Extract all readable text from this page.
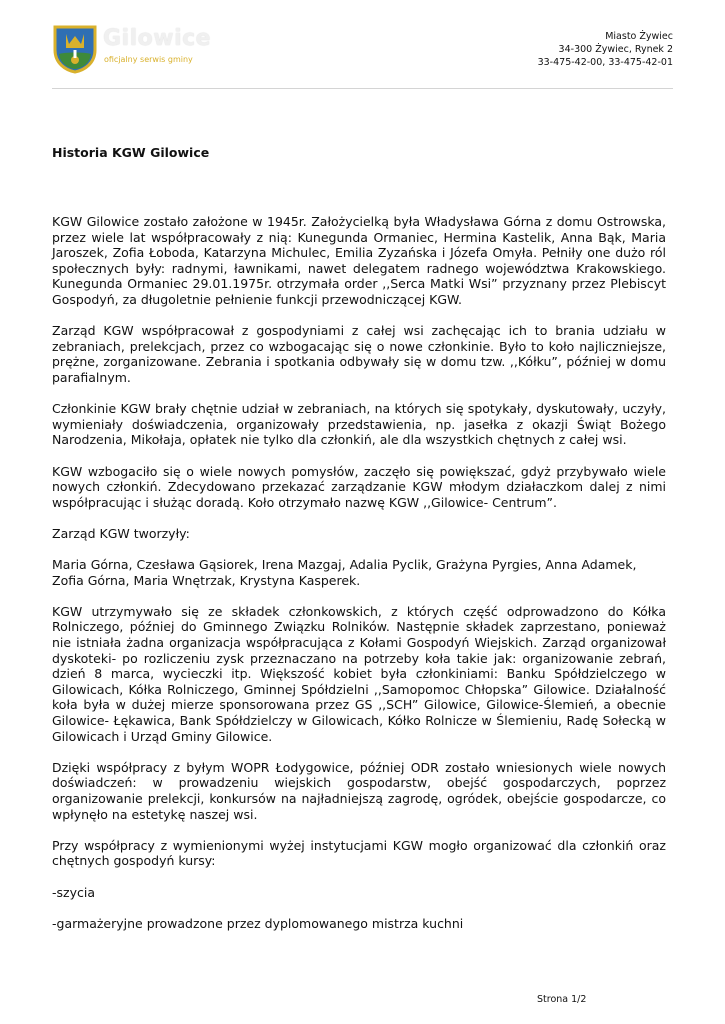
Gilowice
oficjalny serwis gminy
Miasto Żywiec
34-300 Żywiec, Rynek 2
33-475-42-00, 33-475-42-01
Historia KGW Gilowice

KGW Gilowice zostało założone w 1945r. Założycielką była Władysława Górna z domu Ostrowska, przez wiele lat współpracowały z nią: Kunegunda Ormaniec, Hermina Kastelik, Anna Bąk, Maria Jaroszek, Zofia Łoboda, Katarzyna Michulec, Emilia Zyzańska i Józefa Omyła. Pełniły one dużo ról społecznych były: radnymi, ławnikami, nawet delegatem radnego województwa Krakowskiego. Kunegunda Ormaniec 29.01.1975r. otrzymała order ,,Serca Matki Wsi” przyznany przez Plebiscyt Gospodyń, za długoletnie pełnienie funkcji przewodniczącej KGW.

Zarząd KGW współpracował z gospodyniami z całej wsi zachęcając ich to brania udziału w zebraniach, prelekcjach, przez co wzbogacając się o nowe członkinie. Było to koło najliczniejsze, prężne, zorganizowane. Zebrania i spotkania odbywały się w domu tzw. ,,Kółku”, później w domu parafialnym.

Członkinie KGW brały chętnie udział w zebraniach, na których się spotykały, dyskutowały, uczyły, wymieniały doświadczenia, organizowały przedstawienia, np. jasełka z okazji Świąt Bożego Narodzenia, Mikołaja, opłatek nie tylko dla członkiń, ale dla wszystkich chętnych z całej wsi.

KGW wzbogaciło się o wiele nowych pomysłów, zaczęło się powiększać, gdyż przybywało wiele nowych członkiń. Zdecydowano przekazać zarządzanie KGW młodym działaczkom dalej z nimi współpracując i służąc doradą. Koło otrzymało nazwę KGW ,,Gilowice- Centrum”.

Zarząd KGW tworzyły:

Maria Górna, Czesława Gąsiorek, Irena Mazgaj, Adalia Pyclik, Grażyna Pyrgies, Anna Adamek, Zofia Górna, Maria Wnętrzak, Krystyna Kasperek.

KGW utrzymywało się ze składek członkowskich, z których część odprowadzono do Kółka Rolniczego, później do Gminnego Związku Rolników. Następnie składek zaprzestano, ponieważ nie istniała żadna organizacja współpracująca z Kołami Gospodyń Wiejskich. Zarząd organizował dyskoteki- po rozliczeniu zysk przeznaczano na potrzeby koła takie jak: organizowanie zebrań, dzień 8 marca, wycieczki itp. Większość kobiet była członkiniami: Banku Spółdzielczego w Gilowicach, Kółka Rolniczego, Gminnej Spółdzielni ,,Samopomoc Chłopska” Gilowice. Działalność koła była w dużej mierze sponsorowana przez GS ,,SCH” Gilowice, Gilowice-Ślemień, a obecnie Gilowice- Łękawica, Bank Spółdzielczy w Gilowicach, Kółko Rolnicze w Ślemieniu, Radę Sołecką w Gilowicach i Urząd Gminy Gilowice.

Dzięki współpracy z byłym WOPR Łodygowice, później ODR zostało wniesionych wiele nowych doświadczeń: w prowadzeniu wiejskich gospodarstw, obejść gospodarczych, poprzez organizowanie prelekcji, konkursów na najładniejszą zagrodę, ogródek, obejście gospodarcze, co wpłynęło na estetykę naszej wsi.

Przy współpracy z wymienionymi wyżej instytucjami KGW mogło organizować dla członkiń oraz chętnych gospodyń kursy:

-szycia

-garmażeryjne prowadzone przez dyplomowanego mistrza kuchni

Strona 1/2
